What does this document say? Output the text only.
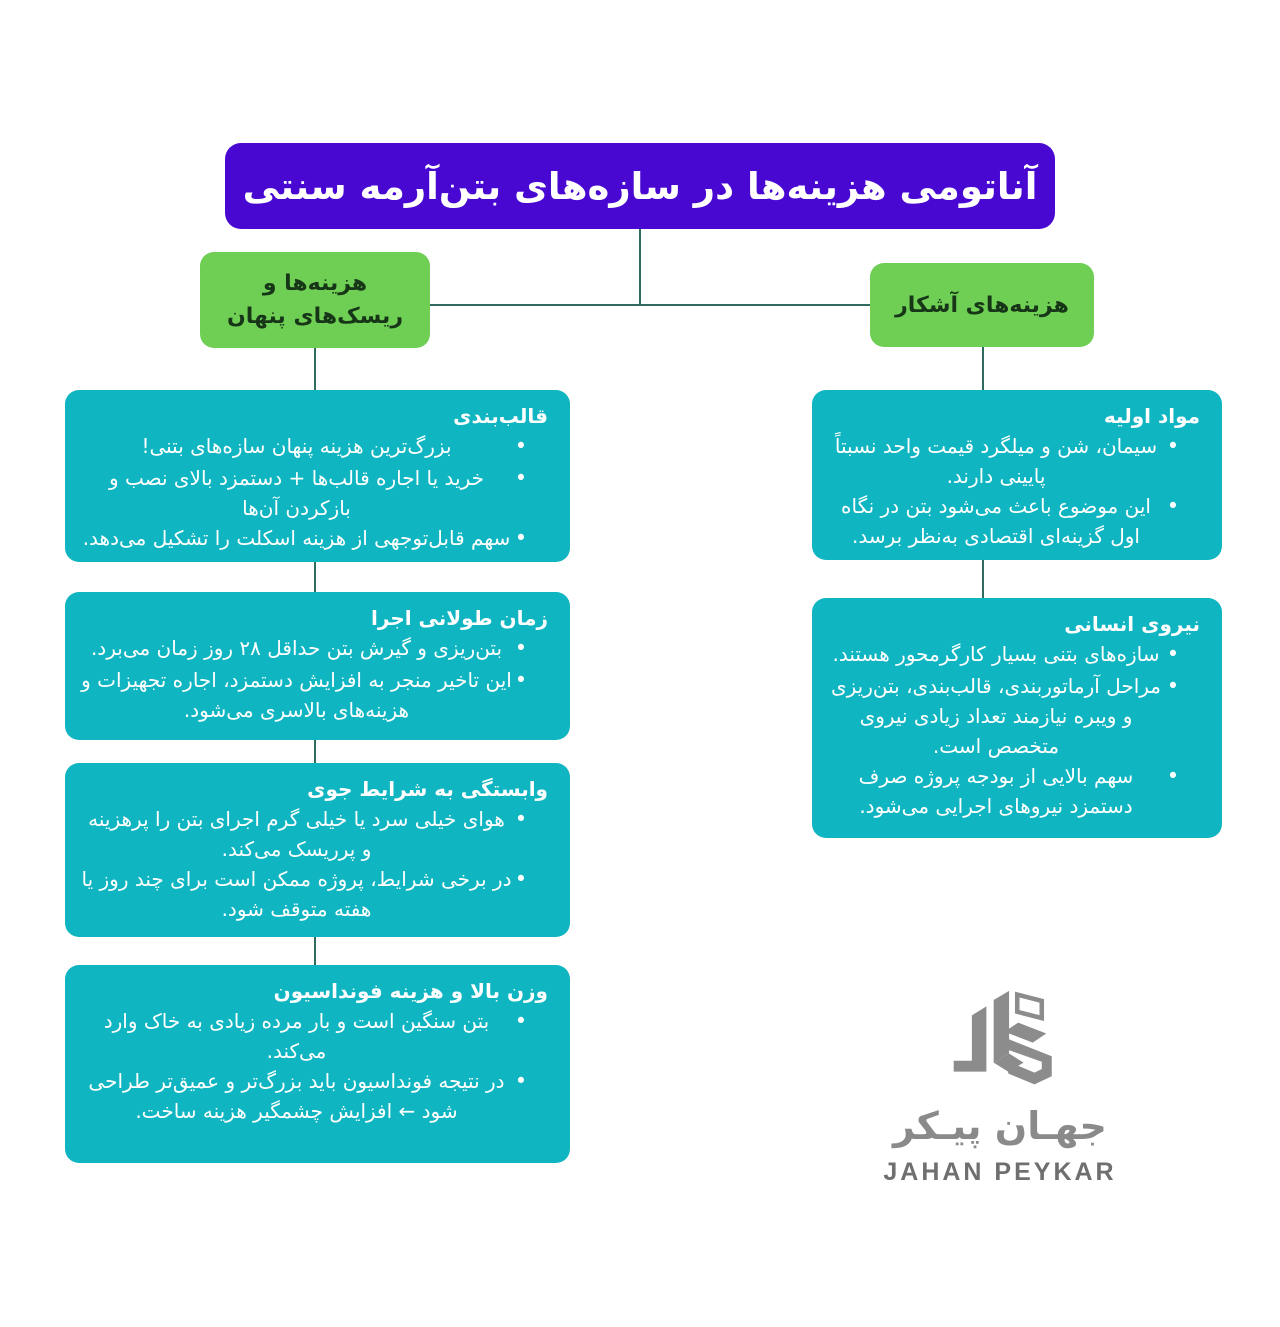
آناتومی هزینه‌ها در سازه‌های بتن‌آرمه سنتی
هزینه‌ها و ریسک‌های پنهان	هزینه‌های آشکار
قالب‌بندی
•
بزرگ‌ترین هزینه پنهان سازه‌های بتنی!
•
خرید یا اجاره قالب‌ها + دستمزد بالای نصب و بازکردن آن‌ها
•
سهم قابل‌توجهی از هزینه اسکلت را تشکیل می‌دهد.
زمان طولانی اجرا
•
بتن‌ریزی و گیرش بتن حداقل ۲۸ روز زمان می‌برد.
•
این تاخیر منجر به افزایش دستمزد، اجاره تجهیزات و هزینه‌های بالاسری می‌شود.
وابستگی به شرایط جوی
•
هوای خیلی سرد یا خیلی گرم اجرای بتن را پرهزینه و پرریسک می‌کند.
•
در برخی شرایط، پروژه ممکن است برای چند روز یا هفته متوقف شود.
وزن بالا و هزینه فونداسیون
•
بتن سنگین است و بار مرده زیادی به خاک وارد می‌کند.
•
در نتیجه فونداسیون باید بزرگ‌تر و عمیق‌تر طراحی شود ← افزایش چشمگیر هزینه ساخت.
مواد اولیه
•
سیمان، شن و میلگرد قیمت واحد نسبتاً پایینی دارند.
•
این موضوع باعث می‌شود بتن در نگاه اول گزینه‌ای اقتصادی به‌نظر برسد.
نیروی انسانی
•
سازه‌های بتنی بسیار کارگرمحور هستند.
•
مراحل آرماتوربندی، قالب‌بندی، بتن‌ریزی و ویبره نیازمند تعداد زیادی نیروی متخصص است.
•
سهم بالایی از بودجه پروژه صرف دستمزد نیروهای اجرایی می‌شود.
جهـان پیـکر
JAHAN PEYKAR
